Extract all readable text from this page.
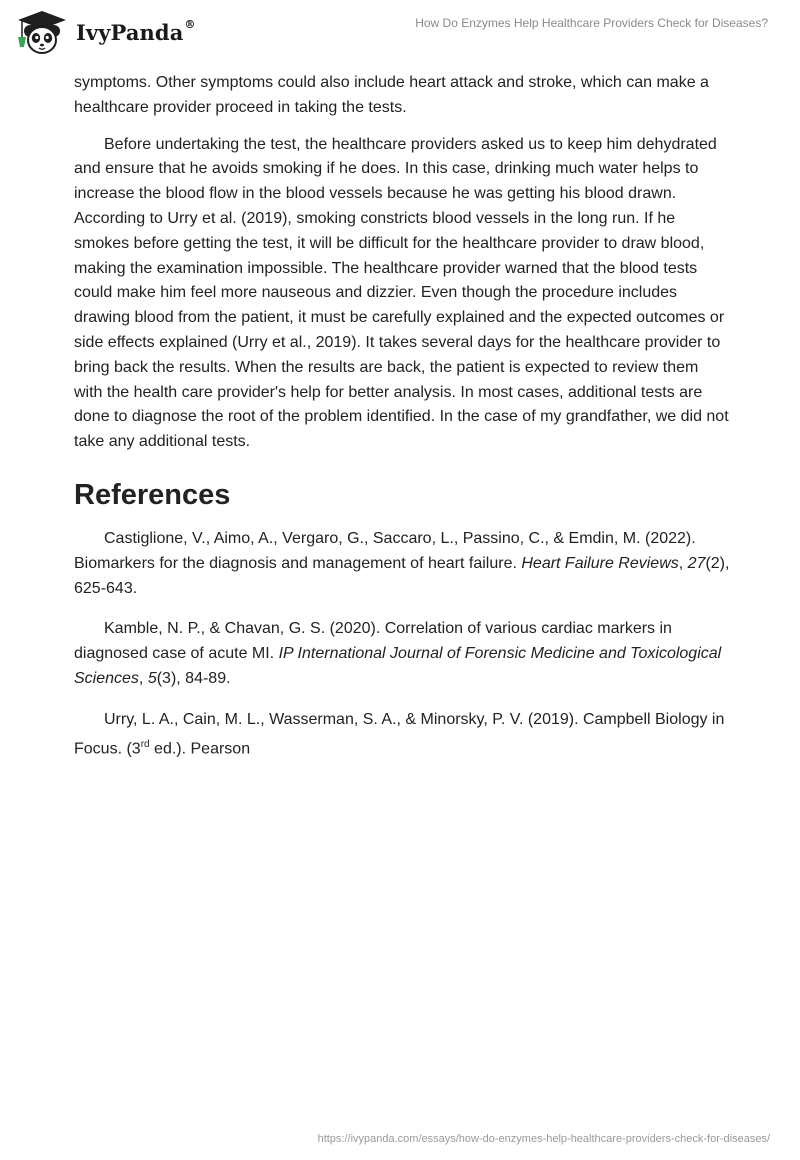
IvyPanda®	How Do Enzymes Help Healthcare Providers Check for Diseases?

symptoms. Other symptoms could also include heart attack and stroke, which can make a healthcare provider proceed in taking the tests.

Before undertaking the test, the healthcare providers asked us to keep him dehydrated and ensure that he avoids smoking if he does. In this case, drinking much water helps to increase the blood flow in the blood vessels because he was getting his blood drawn. According to Urry et al. (2019), smoking constricts blood vessels in the long run. If he smokes before getting the test, it will be difficult for the healthcare provider to draw blood, making the examination impossible. The healthcare provider warned that the blood tests could make him feel more nauseous and dizzier. Even though the procedure includes drawing blood from the patient, it must be carefully explained and the expected outcomes or side effects explained (Urry et al., 2019). It takes several days for the healthcare provider to bring back the results. When the results are back, the patient is expected to review them with the health care provider's help for better analysis. In most cases, additional tests are done to diagnose the root of the problem identified. In the case of my grandfather, we did not take any additional tests.

References

Castiglione, V., Aimo, A., Vergaro, G., Saccaro, L., Passino, C., & Emdin, M. (2022). Biomarkers for the diagnosis and management of heart failure. Heart Failure Reviews, 27(2), 625-643.

Kamble, N. P., & Chavan, G. S. (2020). Correlation of various cardiac markers in diagnosed case of acute MI. IP International Journal of Forensic Medicine and Toxicological Sciences, 5(3), 84-89.

Urry, L. A., Cain, M. L., Wasserman, S. A., & Minorsky, P. V. (2019). Campbell Biology in Focus. (3rd ed.). Pearson

https://ivypanda.com/essays/how-do-enzymes-help-healthcare-providers-check-for-diseases/
